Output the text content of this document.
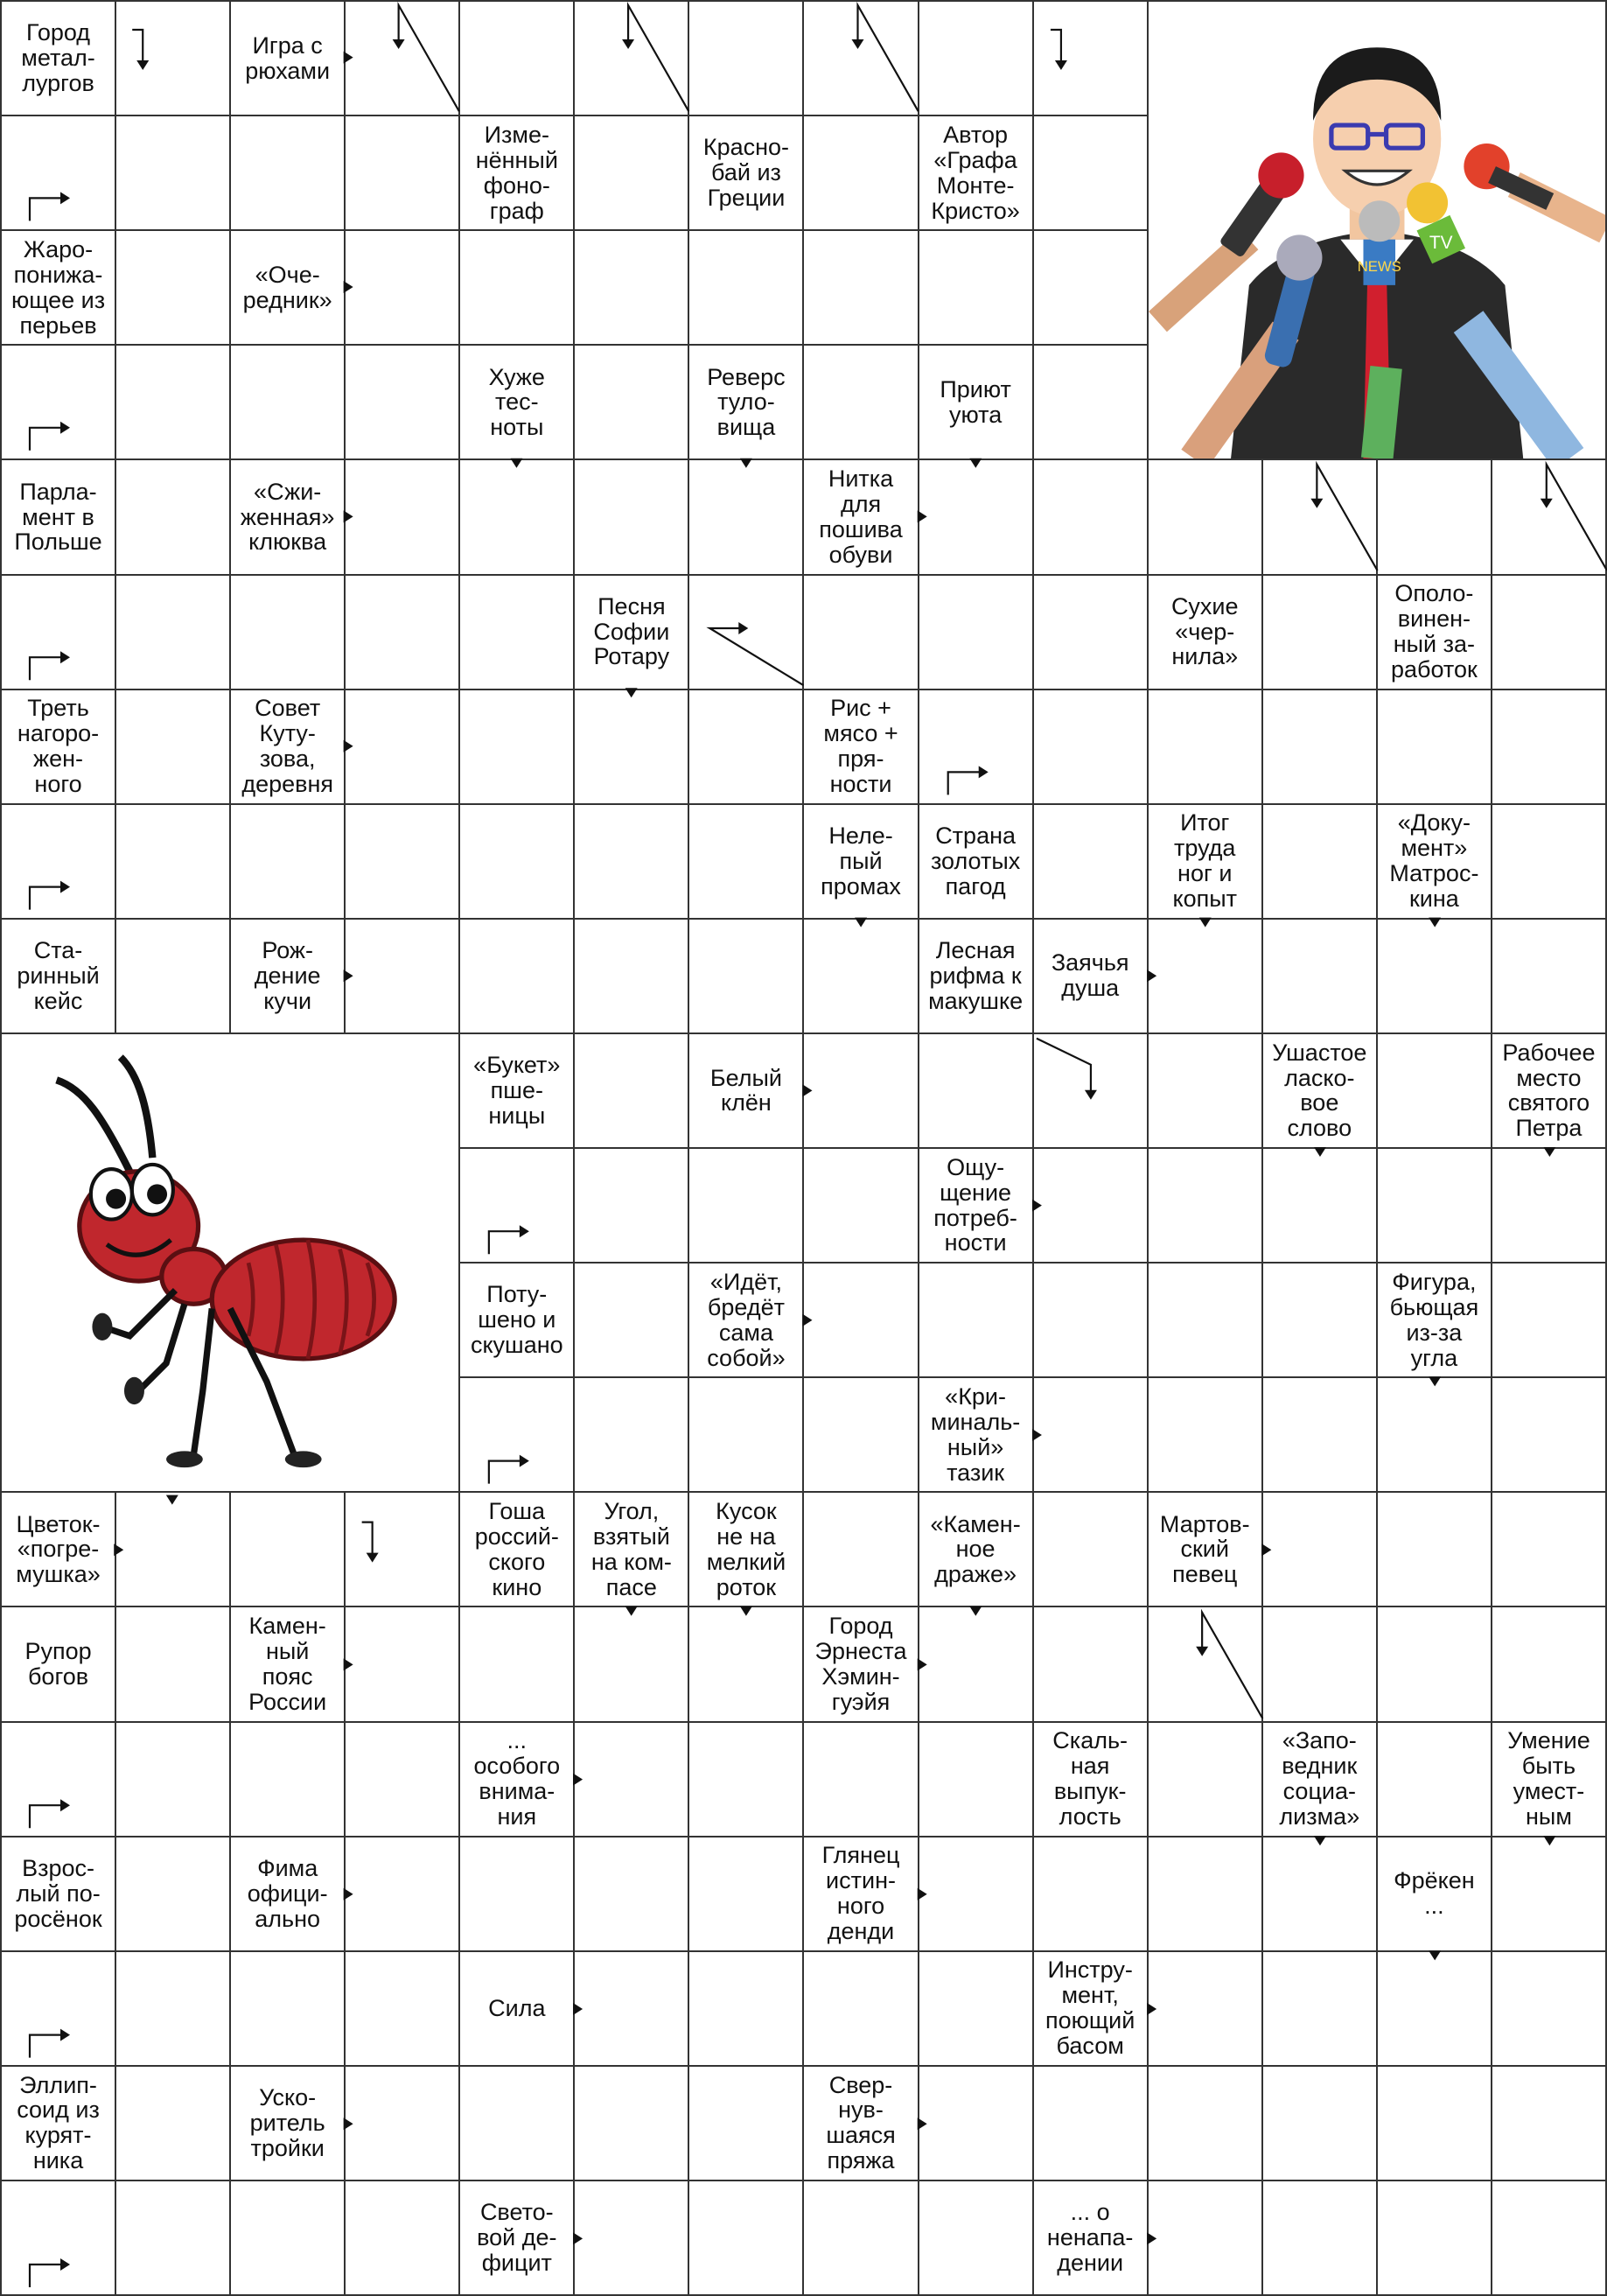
Город
метал-
лургов
Игра с
рюхами
NEWS
TV
Изме-
нённый
фоно-
граф
Красно-
бай из
Греции
Автор
«Графа
Монте-
Кристо»
Жаро-
понижа-
ющее из
перьев
«Оче-
редник»
Хуже
тес-
ноты
Реверс
туло-
вища
Приют
уюта
Парла-
мент в
Польше
«Сжи-
женная»
клюква
Нитка
для
пошива
обуви
Песня
Софии
Ротару
Сухие
«чер-
нила»
Ополо-
винен-
ный за-
работок
Треть
нагоро-
жен-
ного
Совет
Куту-
зова,
деревня
Рис +
мясо +
пря-
ности
Неле-
пый
промах
Страна
золотых
пагод
Итог
труда
ног и
копыт
«Доку-
мент»
Матрос-
кина
Ста-
ринный
кейс
Рож-
дение
кучи
Лесная
рифма к
макушке
Заячья
душа
«Букет»
пше-
ницы
Белый
клён
Ушастое
ласко-
вое
слово
Рабочее
место
святого
Петра
Ощу-
щение
потреб-
ности
Поту-
шено и
скушано
«Идёт,
бредёт
сама
собой»
Фигура,
бьющая
из-за
угла
«Кри-
миналь-
ный»
тазик
Цветок-
«погре-
мушка»
Гоша
россий-
ского
кино
Угол,
взятый
на ком-
пасе
Кусок
не на
мелкий
роток
«Камен-
ное
драже»
Мартов-
ский
певец
Рупор
богов
Камен-
ный
пояс
России
Город
Эрнеста
Хэмин-
гуэйя
...
особого
внима-
ния
Скаль-
ная
выпук-
лость
«Запо-
ведник
социа-
лизма»
Умение
быть
умест-
ным
Взрос-
лый по-
росёнок
Фима
офици-
ально
Глянец
истин-
ного
денди
Фрёкен
...
Сила
Инстру-
мент,
поющий
басом
Эллип-
соид из
курят-
ника
Уско-
ритель
тройки
Свер-
нув-
шаяся
пряжа
Свето-
вой де-
фицит
... о
ненапа-
дении
